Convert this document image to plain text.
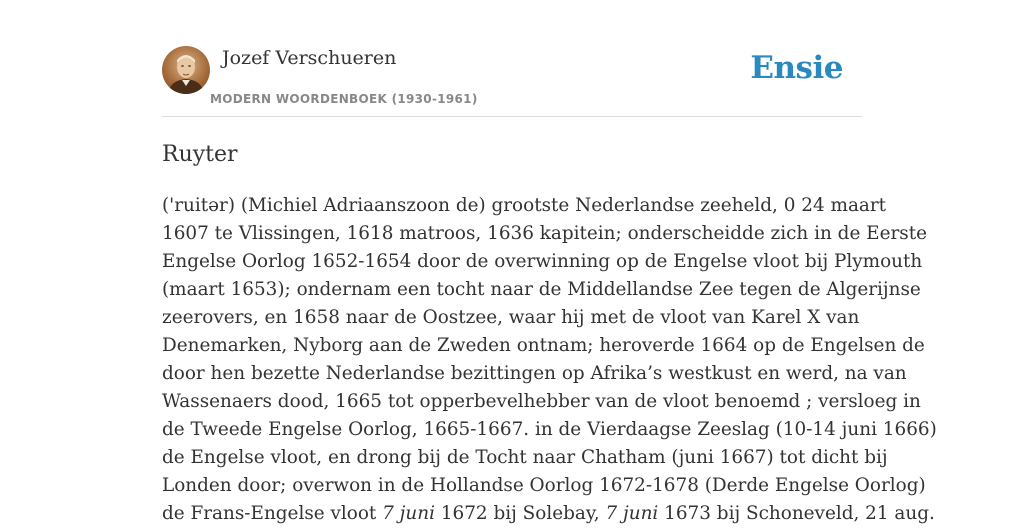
Jozef Verschueren
MODERN WOORDENBOEK (1930-1961)
Ensie
Ruyter
('ruitər) (Michiel Adriaanszoon de) grootste Nederlandse zeeheld, 0 24 maart
1607 te Vlissingen, 1618 matroos, 1636 kapitein; onderscheidde zich in de Eerste
Engelse Oorlog 1652-1654 door de overwinning op de Engelse vloot bij Plymouth
(maart 1653); ondernam een tocht naar de Middellandse Zee tegen de Algerijnse
zeerovers, en 1658 naar de Oostzee, waar hij met de vloot van Karel X van
Denemarken, Nyborg aan de Zweden ontnam; heroverde 1664 op de Engelsen de
door hen bezette Nederlandse bezittingen op Afrika’s westkust en werd, na van
Wassenaers dood, 1665 tot opperbevelhebber van de vloot benoemd ; versloeg in
de Tweede Engelse Oorlog, 1665-1667. in de Vierdaagse Zeeslag (10-14 juni 1666)
de Engelse vloot, en drong bij de Tocht naar Chatham (juni 1667) tot dicht bij
Londen door; overwon in de Hollandse Oorlog 1672-1678 (Derde Engelse Oorlog)
de Frans-Engelse vloot 7 juni 1672 bij Solebay, 7 juni 1673 bij Schoneveld, 21 aug.
